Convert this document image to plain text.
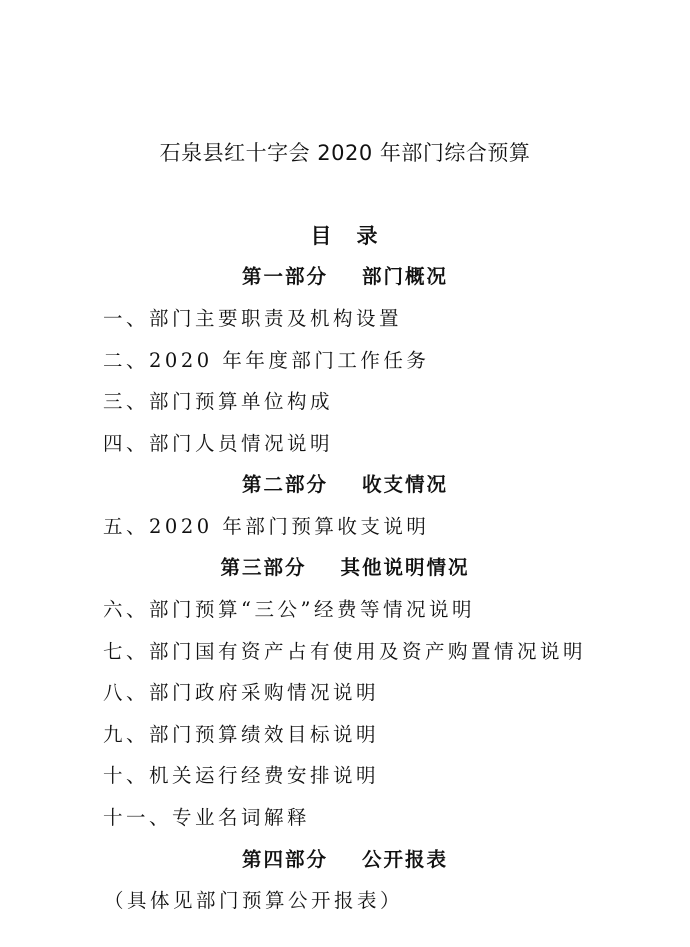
石泉县红十字会 2020 年部门综合预算
目　录
第一部分 部门概况
一、部门主要职责及机构设置
二、2020 年年度部门工作任务
三、部门预算单位构成
四、部门人员情况说明
第二部分 收支情况
五、2020 年部门预算收支说明
第三部分 其他说明情况
六、部门预算“三公”经费等情况说明
七、部门国有资产占有使用及资产购置情况说明
八、部门政府采购情况说明
九、部门预算绩效目标说明
十、机关运行经费安排说明
十一、专业名词解释
第四部分 公开报表
（具体见部门预算公开报表）
